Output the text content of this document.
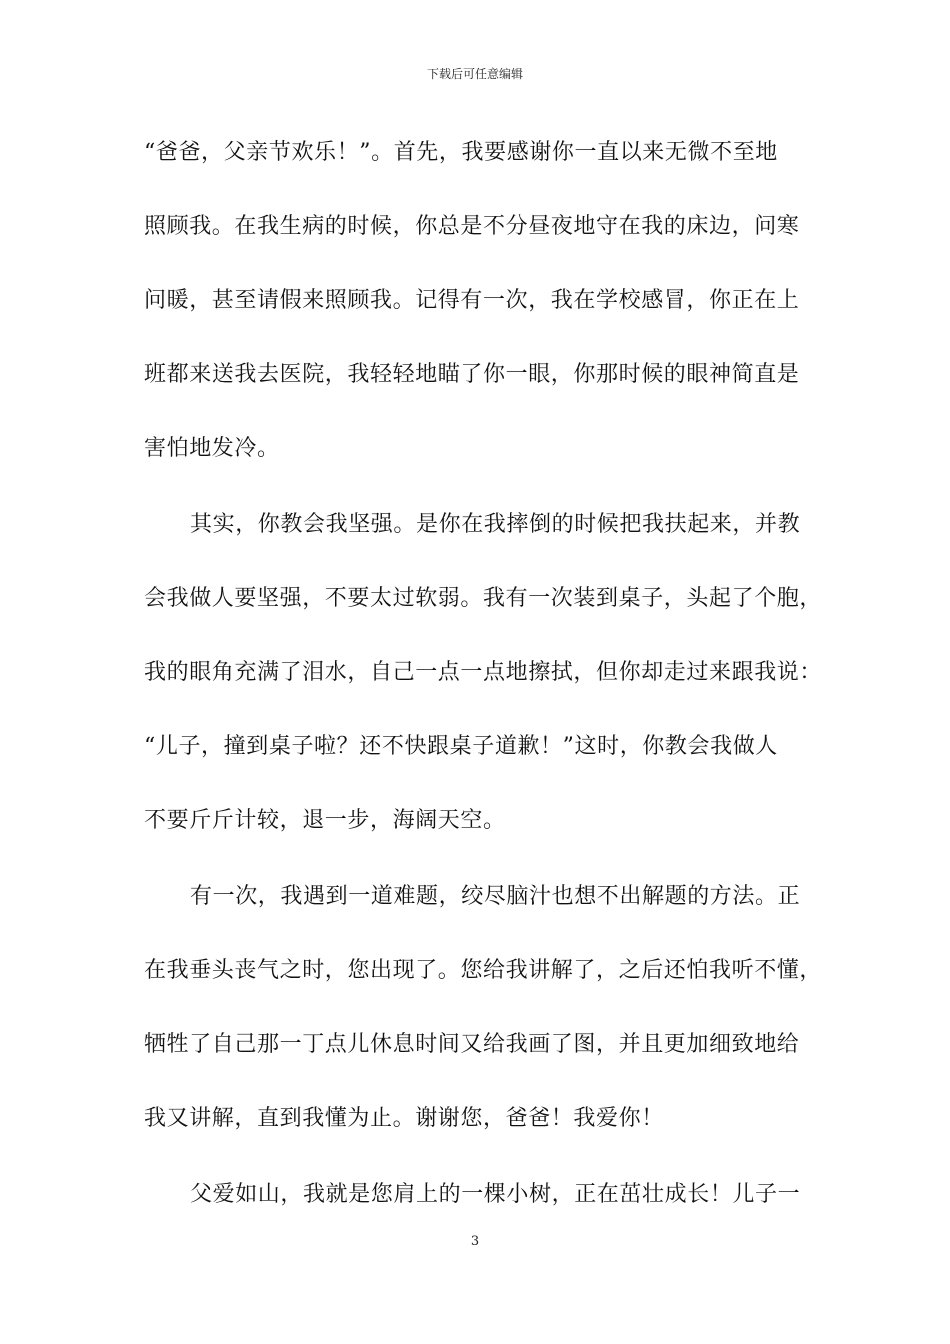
下载后可任意编辑
“爸爸，父亲节欢乐！”。首先，我要感谢你一直以来无微不至地
照顾我。在我生病的时候，你总是不分昼夜地守在我的床边，问寒
问暖，甚至请假来照顾我。记得有一次，我在学校感冒，你正在上
班都来送我去医院，我轻轻地瞄了你一眼，你那时候的眼神简直是
害怕地发冷。
其实，你教会我坚强。是你在我摔倒的时候把我扶起来，并教
会我做人要坚强，不要太过软弱。我有一次装到桌子，头起了个胞，
我的眼角充满了泪水，自己一点一点地擦拭，但你却走过来跟我说：
“儿子，撞到桌子啦？还不快跟桌子道歉！”这时，你教会我做人
不要斤斤计较，退一步，海阔天空。
有一次，我遇到一道难题，绞尽脑汁也想不出解题的方法。正
在我垂头丧气之时，您出现了。您给我讲解了，之后还怕我听不懂，
牺牲了自己那一丁点儿休息时间又给我画了图，并且更加细致地给
我又讲解，直到我懂为止。谢谢您，爸爸！我爱你！
父爱如山，我就是您肩上的一棵小树，正在茁壮成长！儿子一
3
